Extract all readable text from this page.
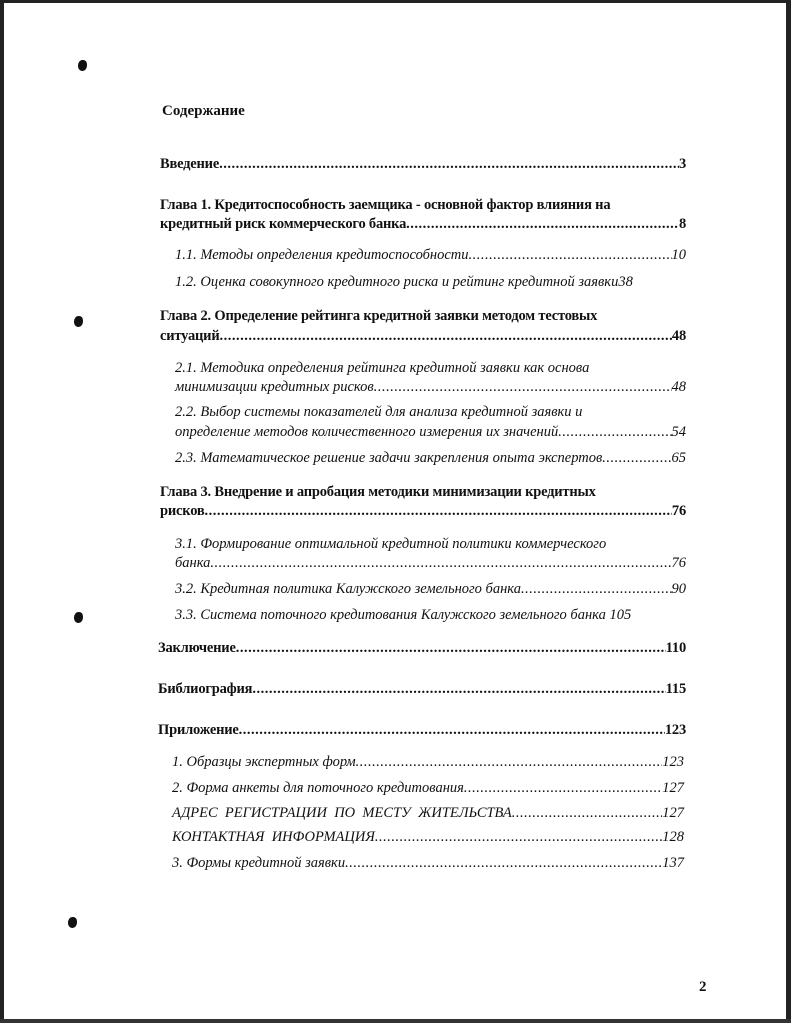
Содержание
Введение .....	3
Глава 1. Кредитоспособность заемщика - основной фактор влияния на
кредитный риск коммерческого банка .....	8
1.1. Методы определения кредитоспособности .....	10
1.2. Оценка совокупного кредитного риска и рейтинг кредитной заявки38
Глава 2. Определение рейтинга кредитной заявки методом тестовых
ситуаций .....	48
2.1. Методика определения рейтинга кредитной заявки как основа
минимизации кредитных рисков .....	48
2.2. Выбор системы показателей для анализа кредитной заявки и
определение методов количественного измерения их значений .....	54
2.3. Математическое решение задачи закрепления опыта экспертов .....	65
Глава 3. Внедрение и апробация методики минимизации кредитных
рисков .....	76
3.1. Формирование оптимальной кредитной политики коммерческого
банка .....	76
3.2. Кредитная политика Калужского земельного банка .....	90
3.3. Система поточного кредитования Калужского земельного банка 105
Заключение .....	110
Библиография .....	115
Приложение .....	123
1. Образцы экспертных форм .....	123
2. Форма анкеты для поточного кредитования .....	127
АДРЕС  РЕГИСТРАЦИИ  ПО  МЕСТУ  ЖИТЕЛЬСТВА .....	127
КОНТАКТНАЯ  ИНФОРМАЦИЯ .....	128
3. Формы кредитной заявки .....	137
2
